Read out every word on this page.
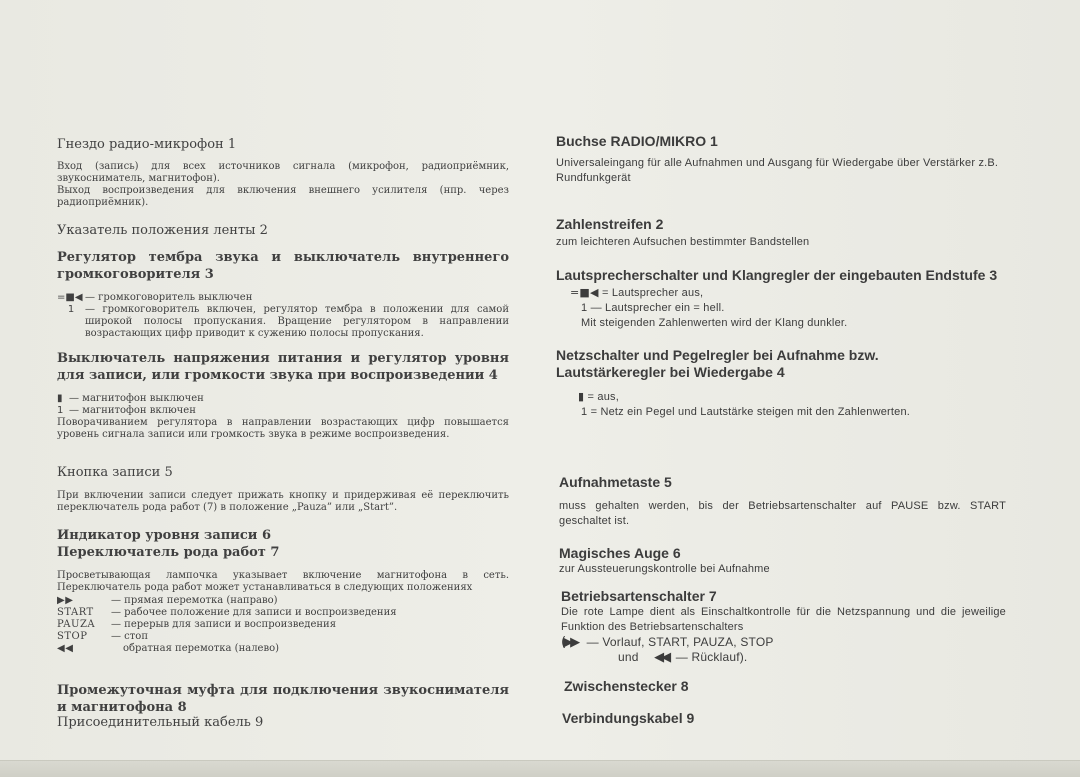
Гнездо радио-микрофон 1

Вход (запись) для всех источников сигнала (микрофон, радиоприёмник, звукосниматель, магнитофон).

Выход воспроизведения для включения внешнего усилителя (нпр. через радиоприёмник).

Указатель положения ленты 2

Регулятор тембра звука и выключатель внутреннего громкоговорителя 3

=■◀ — громкоговоритель выключен
1	— громкоговоритель включен, регулятор тембра в положении для самой широкой полосы пропускания. Вращение регулятором в направлении возрастающих цифр приводит к сужению полосы пропускания.

Выключатель напряжения питания и регулятор уровня для записи, или громкости звука при воспроизведении 4

▮ — магнитофон выключен
1 — магнитофон включен

Поворачиванием регулятора в направлении возрастающих цифр повышается уровень сигнала записи или громкость звука в режиме воспроизведения.

Кнопка записи 5

При включении записи следует прижать кнопку и придерживая её переключить переключатель рода работ (7) в положение „Pauza” или „Start”.

Индикатор уровня записи 6

Переключатель рода работ 7

Просветывающая лампочка указывает включение магнитофона в сеть. Переключатель рода работ может устанавливаться в следующих положениях

▶▶	— прямая перемотка (направо)
START	— рабочее положение для записи и воспроизведения
PAUZA	— перерыв для записи и воспроизведения
STOP	— стоп
◀◀	обратная перемотка (налево)

Промежуточная муфта для подключения звукоснимателя и магнитофона 8

Присоединительный кабель 9

Buchse RADIO/MIKRO 1

Universaleingang für alle Aufnahmen und Ausgang für Wiedergabe über Verstärker z.B. Rundfunkgerät

Zahlenstreifen 2

zum leichteren Aufsuchen bestimmter Bandstellen

Lautsprecherschalter und Klangregler der eingebauten Endstufe 3

=■◀ = Lautsprecher aus,

1 — Lautsprecher ein = hell.

Mit steigenden Zahlenwerten wird der Klang dunkler.

Netzschalter und Pegelregler bei Aufnahme bzw.

Lautstärkeregler bei Wiedergabe 4

▮ = aus,

1 = Netz ein Pegel und Lautstärke steigen mit den Zahlenwerten.

Aufnahmetaste 5

muss gehalten werden, bis der Betriebsartenschalter auf PAUSE bzw. START geschaltet ist.

Magisches Auge 6

zur Aussteuerungskontrolle bei Aufnahme

Betriebsartenschalter 7

Die rote Lampe dient als Einschaltkontrolle für die Netzspannung und die jeweilige Funktion des Betriebsartenschalters

(▶▶ — Vorlauf, START, PAUZA, STOP
und ◀◀ — Rücklauf).

Zwischenstecker 8

Verbindungskabel 9
